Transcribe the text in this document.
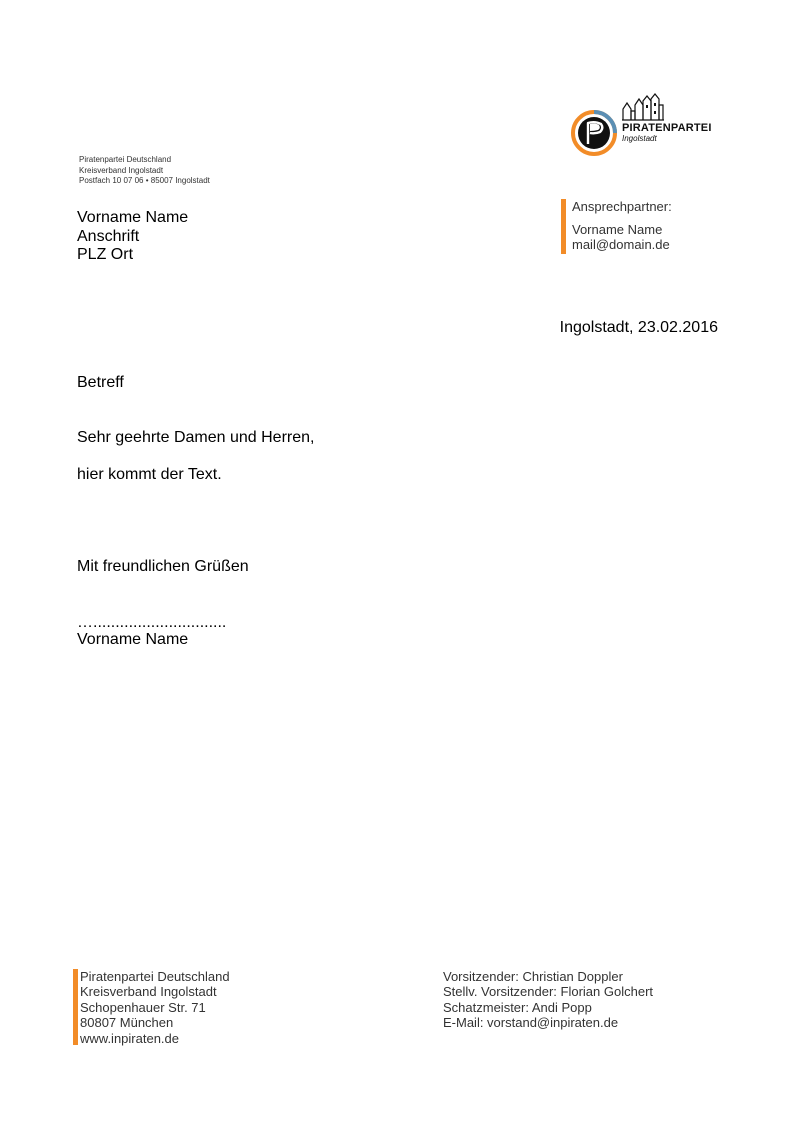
PIRATENPARTEI
Ingolstadt
Piratenpartei Deutschland
Kreisverband Ingolstadt
Postfach 10 07 06 • 85007 Ingolstadt
Vorname Name
Anschrift
PLZ Ort
Ansprechpartner:
Vorname Name
mail@domain.de
Ingolstadt, 23.02.2016
Betreff
Sehr geehrte Damen und Herren,
hier kommt der Text.
Mit freundlichen Grüßen
…..............................
Vorname Name
Piratenpartei Deutschland
Kreisverband Ingolstadt
Schopenhauer Str. 71
80807 München
www.inpiraten.de
Vorsitzender: Christian Doppler
Stellv. Vorsitzender: Florian Golchert
Schatzmeister: Andi Popp
E-Mail: vorstand@inpiraten.de
